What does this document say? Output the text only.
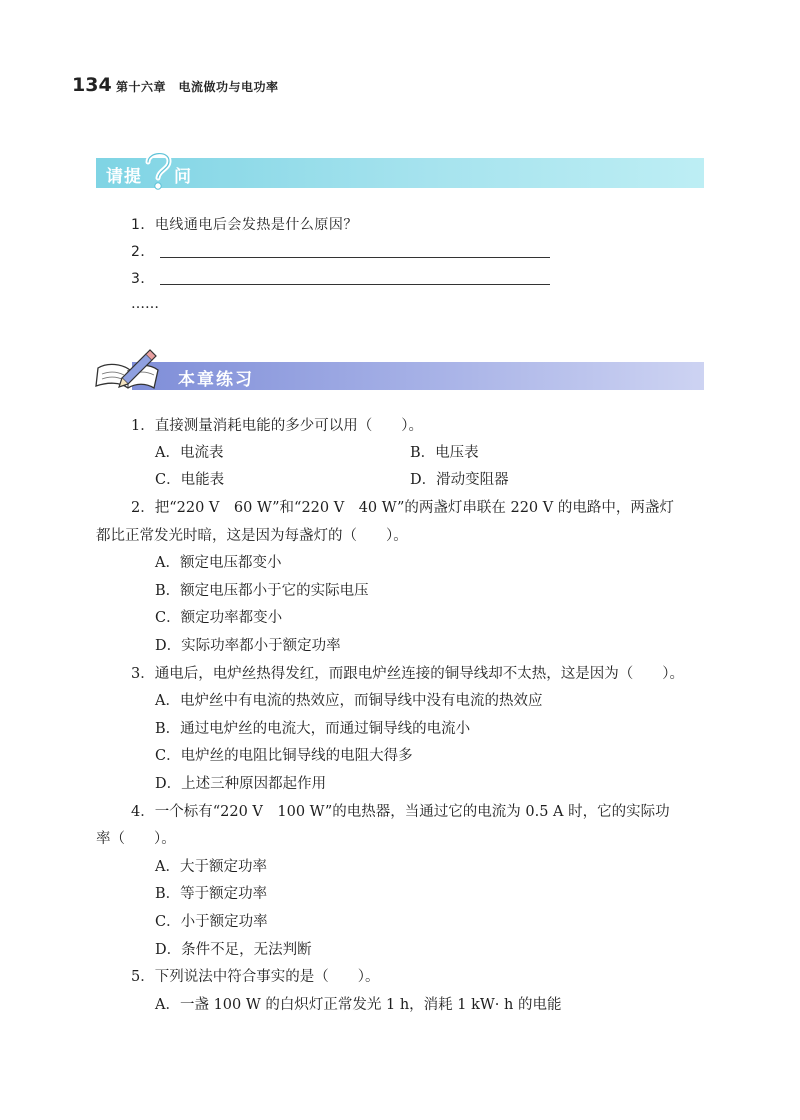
134 第十六章　电流做功与电功率
请提 问
1．电线通电后会发热是什么原因？
2．
3．
……
本章练习
1．直接测量消耗电能的多少可以用（　　）。
A．电流表	B．电压表
C．电能表	D．滑动变阻器
2．把“220 V　60 W”和“220 V　40 W”的两盏灯串联在 220 V 的电路中，两盏灯
都比正常发光时暗，这是因为每盏灯的（　　）。
A．额定电压都变小
B．额定电压都小于它的实际电压
C．额定功率都变小
D．实际功率都小于额定功率
3．通电后，电炉丝热得发红，而跟电炉丝连接的铜导线却不太热，这是因为（　　）。
A．电炉丝中有电流的热效应，而铜导线中没有电流的热效应
B．通过电炉丝的电流大，而通过铜导线的电流小
C．电炉丝的电阻比铜导线的电阻大得多
D．上述三种原因都起作用
4．一个标有“220 V　100 W”的电热器，当通过它的电流为 0.5 A 时，它的实际功
率（　　）。
A．大于额定功率
B．等于额定功率
C．小于额定功率
D．条件不足，无法判断
5．下列说法中符合事实的是（　　）。
A．一盏 100 W 的白炽灯正常发光 1 h，消耗 1 kW· h 的电能
